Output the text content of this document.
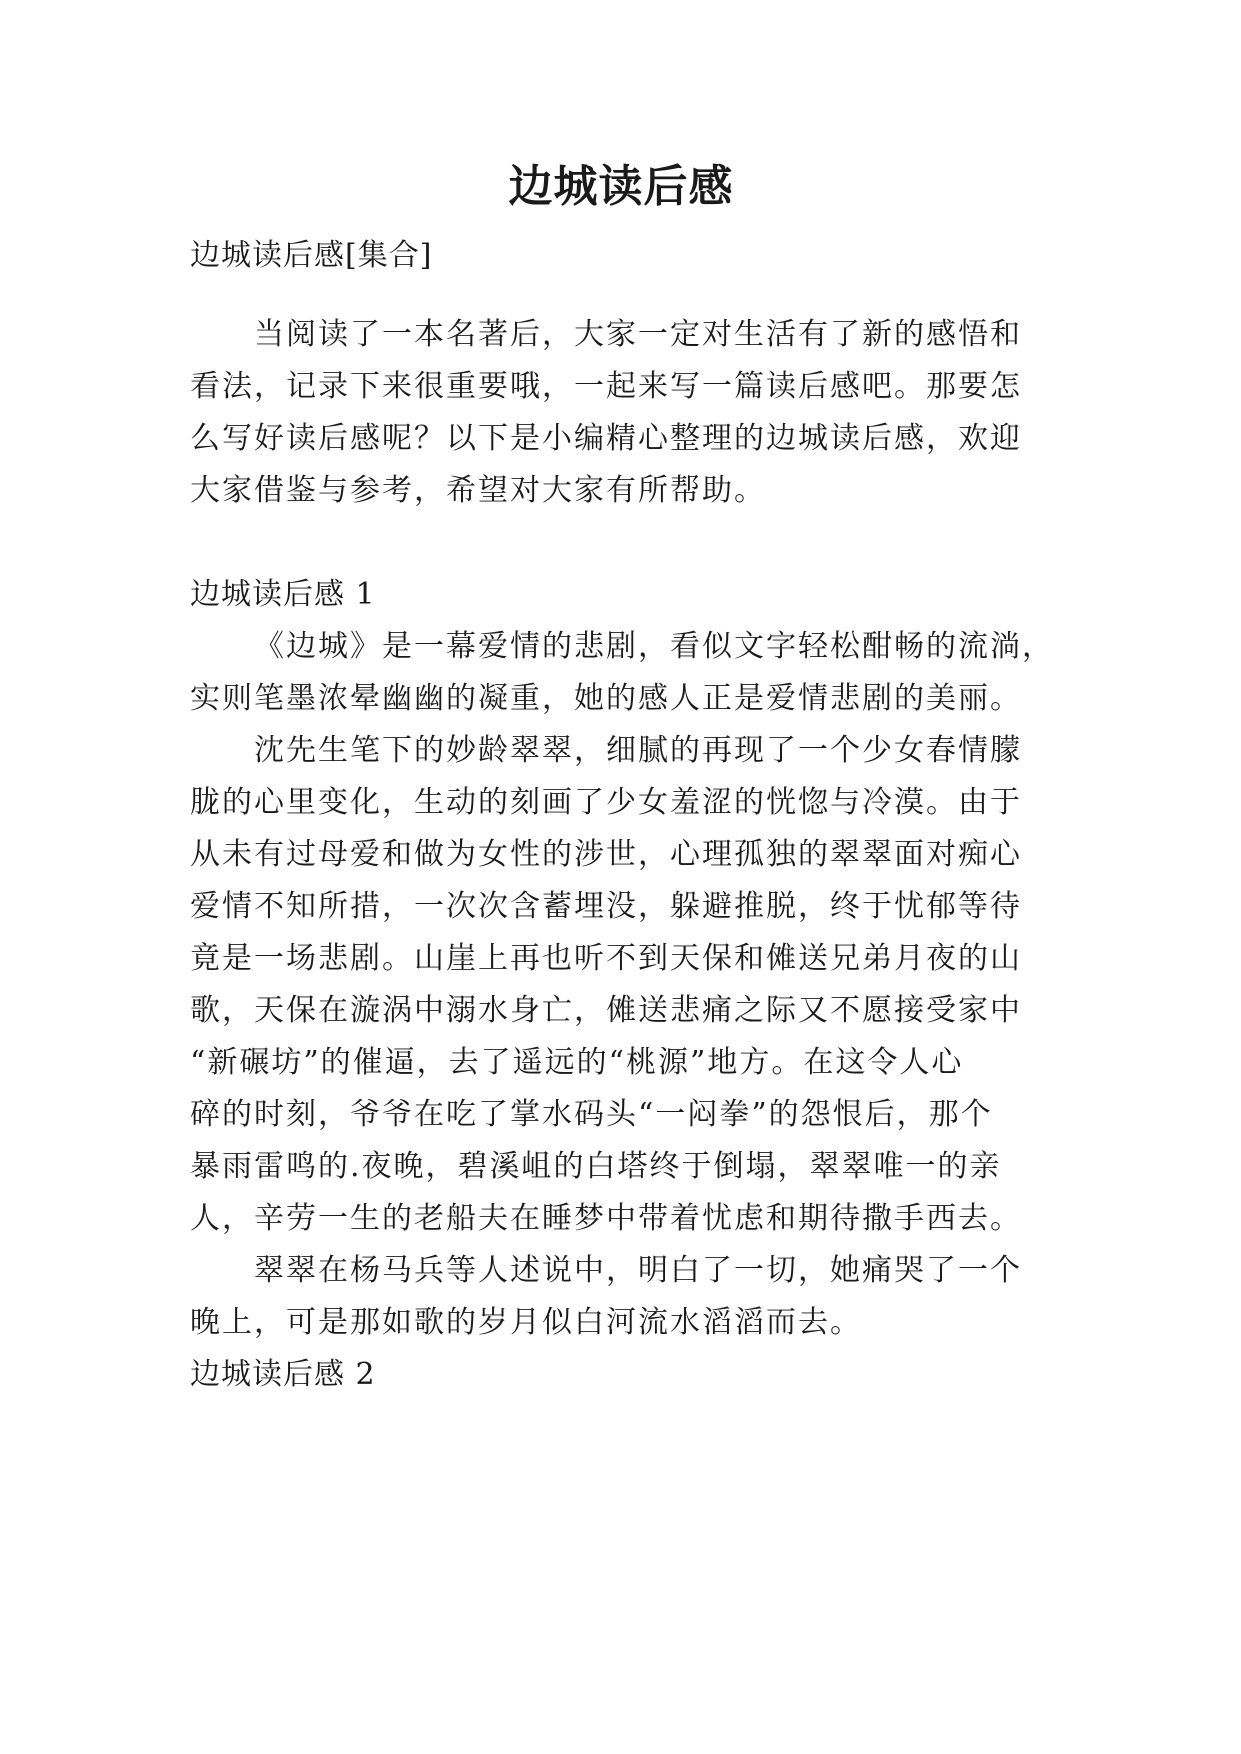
边城读后感
边城读后感[集合]
当阅读了一本名著后，大家一定对生活有了新的感悟和
看法，记录下来很重要哦，一起来写一篇读后感吧。那要怎
么写好读后感呢？以下是小编精心整理的边城读后感，欢迎
大家借鉴与参考，希望对大家有所帮助。
边城读后感 1
《边城》是一幕爱情的悲剧，看似文字轻松酣畅的流淌，
实则笔墨浓晕幽幽的凝重，她的感人正是爱情悲剧的美丽。
沈先生笔下的妙龄翠翠，细腻的再现了一个少女春情朦
胧的心里变化，生动的刻画了少女羞涩的恍惚与冷漠。由于
从未有过母爱和做为女性的涉世，心理孤独的翠翠面对痴心
爱情不知所措，一次次含蓄埋没，躲避推脱，终于忧郁等待
竟是一场悲剧。山崖上再也听不到天保和傩送兄弟月夜的山
歌，天保在漩涡中溺水身亡，傩送悲痛之际又不愿接受家中
“新碾坊”的催逼，去了遥远的“桃源”地方。在这令人心
碎的时刻，爷爷在吃了掌水码头“一闷拳”的怨恨后，那个
暴雨雷鸣的.夜晚，碧溪岨的白塔终于倒塌，翠翠唯一的亲
人，辛劳一生的老船夫在睡梦中带着忧虑和期待撒手西去。
翠翠在杨马兵等人述说中，明白了一切，她痛哭了一个
晚上，可是那如歌的岁月似白河流水滔滔而去。
边城读后感 2
